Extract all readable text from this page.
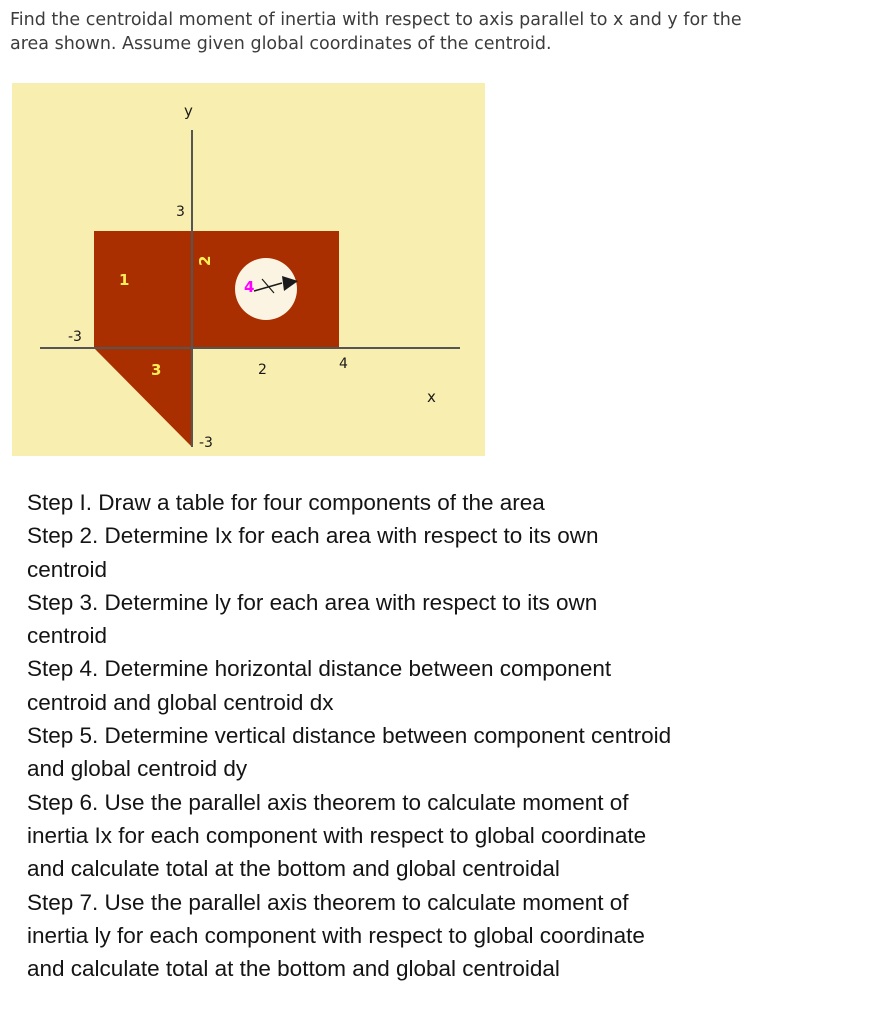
Find the centroidal moment of inertia with respect to axis parallel to x and y for the
area shown. Assume given global coordinates of the centroid.
y
x
3
-3
2	4
-3
1
2
3
4

Step I. Draw a table for four components of the area

Step 2. Determine Ix for each area with respect to its own

centroid

Step 3. Determine ly for each area with respect to its own

centroid

Step 4. Determine horizontal distance between component

centroid and global centroid dx

Step 5. Determine vertical distance between component centroid

and global centroid dy

Step 6. Use the parallel axis theorem to calculate moment of

inertia Ix for each component with respect to global coordinate

and calculate total at the bottom and global centroidal

Step 7. Use the parallel axis theorem to calculate moment of

inertia ly for each component with respect to global coordinate

and calculate total at the bottom and global centroidal
